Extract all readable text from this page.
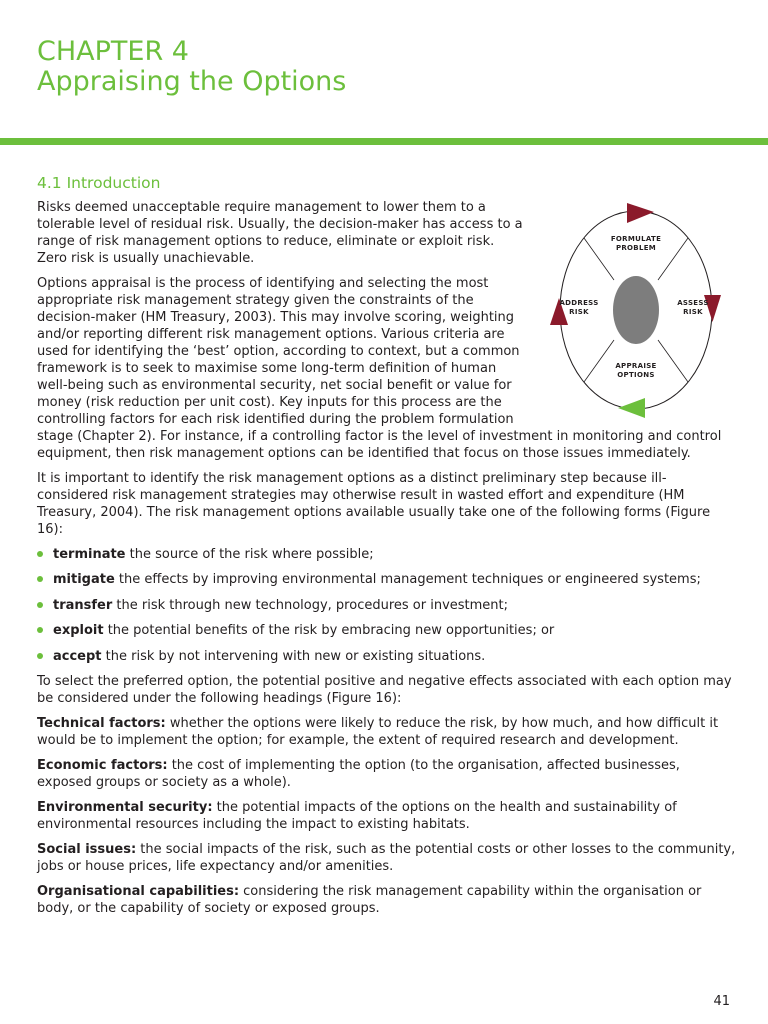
CHAPTER 4
Appraising the Options
4.1 Introduction
FORMULATE
PROBLEM
ADDRESS
RISK
ASSESS
RISK
APPRAISE
OPTIONS

Risks deemed unacceptable require management to lower them to a tolerable level of residual risk. Usually, the decision-maker has access to a range of risk management options to reduce, eliminate or exploit risk. Zero risk is usually unachievable.

Options appraisal is the process of identifying and selecting the most appropriate risk management strategy given the constraints of the decision-maker (HM Treasury, 2003). This may involve scoring, weighting and/or reporting different risk management options. Various criteria are used for identifying the ‘best’ option, according to context, but a common framework is to seek to maximise some long-term definition of human well-being such as environmental security, net social benefit or value for money (risk reduction per unit cost). Key inputs for this process are the controlling factors for each risk identified during the problem formulation stage (Chapter 2). For instance, if a controlling factor is the level of investment in monitoring and control equipment, then risk management options can be identified that focus on those issues immediately.

It is important to identify the risk management options as a distinct preliminary step because ill-considered risk management strategies may otherwise result in wasted effort and expenditure (HM Treasury, 2004). The risk management options available usually take one of the following forms (Figure 16):

terminate the source of the risk where possible;
mitigate the effects by improving environmental management techniques or engineered systems;
transfer the risk through new technology, procedures or investment;
exploit the potential benefits of the risk by embracing new opportunities; or
accept the risk by not intervening with new or existing situations.

To select the preferred option, the potential positive and negative effects associated with each option may be considered under the following headings (Figure 16):

Technical factors: whether the options were likely to reduce the risk, by how much, and how difficult it would be to implement the option; for example, the extent of required research and development.

Economic factors: the cost of implementing the option (to the organisation, affected businesses, exposed groups or society as a whole).

Environmental security: the potential impacts of the options on the health and sustainability of environmental resources including the impact to existing habitats.

Social issues: the social impacts of the risk, such as the potential costs or other losses to the community, jobs or house prices, life expectancy and/or amenities.

Organisational capabilities: considering the risk management capability within the organisation or body, or the capability of society or exposed groups.

41
